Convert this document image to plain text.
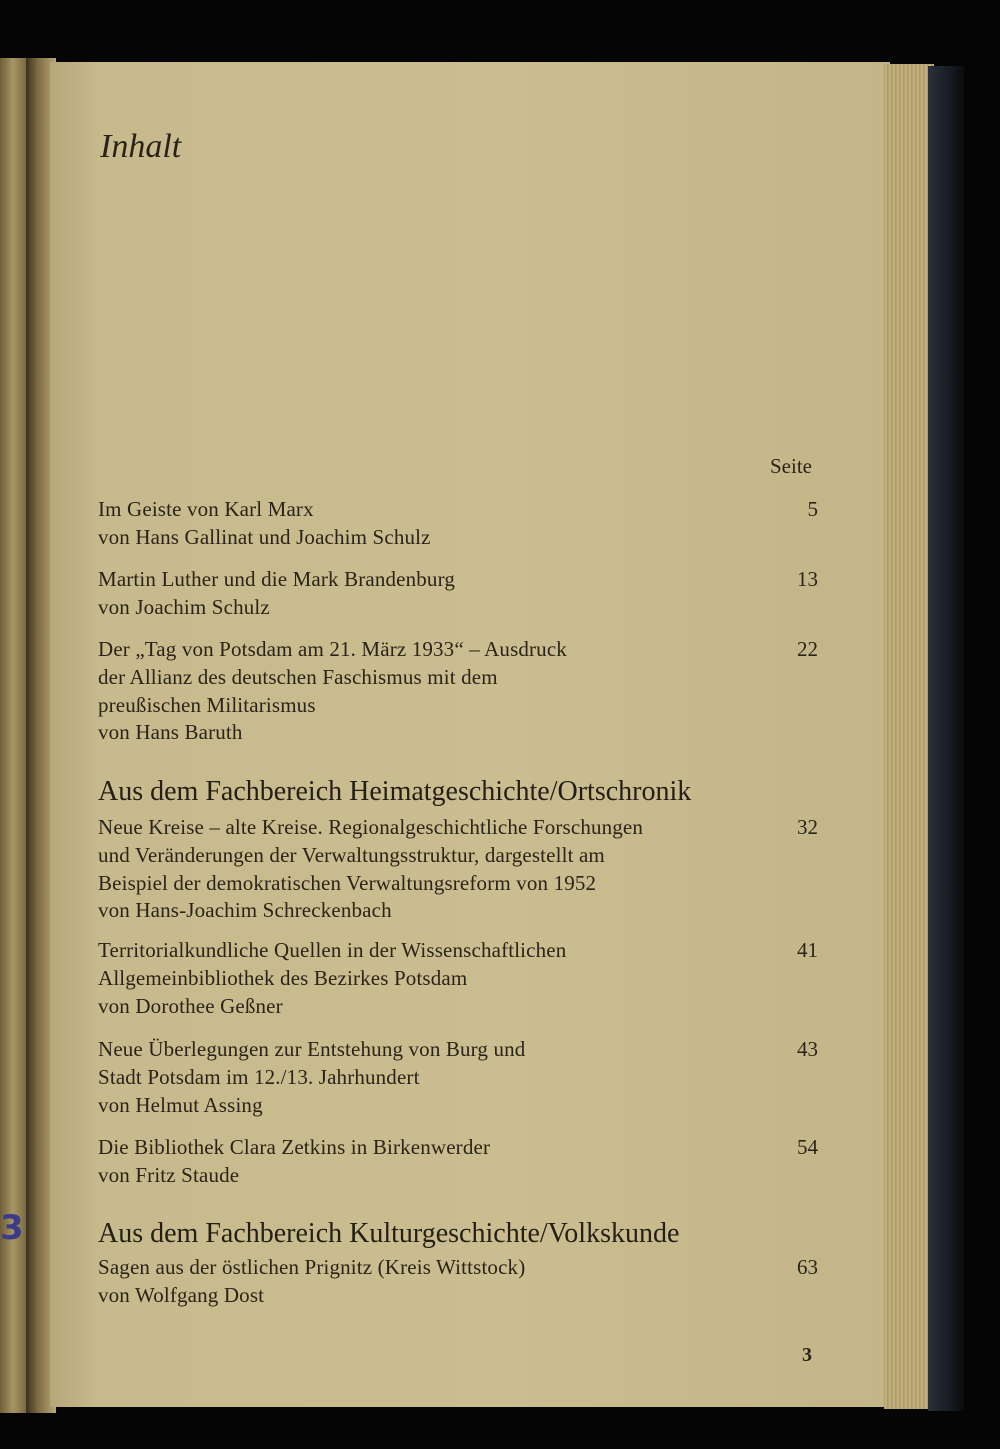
3
Inhalt
Seite
Im Geiste von Karl Marx
von Hans Gallinat und Joachim Schulz
5
Martin Luther und die Mark Brandenburg
von Joachim Schulz
13
Der „Tag von Potsdam am 21. März 1933“ – Ausdruck
der Allianz des deutschen Faschismus mit dem
preußischen Militarismus
von Hans Baruth
22
Aus dem Fachbereich Heimatgeschichte/Ortschronik
Neue Kreise – alte Kreise. Regionalgeschichtliche Forschungen
und Veränderungen der Verwaltungsstruktur, dargestellt am
Beispiel der demokratischen Verwaltungsreform von 1952
von Hans-Joachim Schreckenbach
32
Territorialkundliche Quellen in der Wissenschaftlichen
Allgemeinbibliothek des Bezirkes Potsdam
von Dorothee Geßner
41
Neue Überlegungen zur Entstehung von Burg und
Stadt Potsdam im 12./13. Jahrhundert
von Helmut Assing
43
Die Bibliothek Clara Zetkins in Birkenwerder
von Fritz Staude
54
Aus dem Fachbereich Kulturgeschichte/Volkskunde
Sagen aus der östlichen Prignitz (Kreis Wittstock)
von Wolfgang Dost
63
3
